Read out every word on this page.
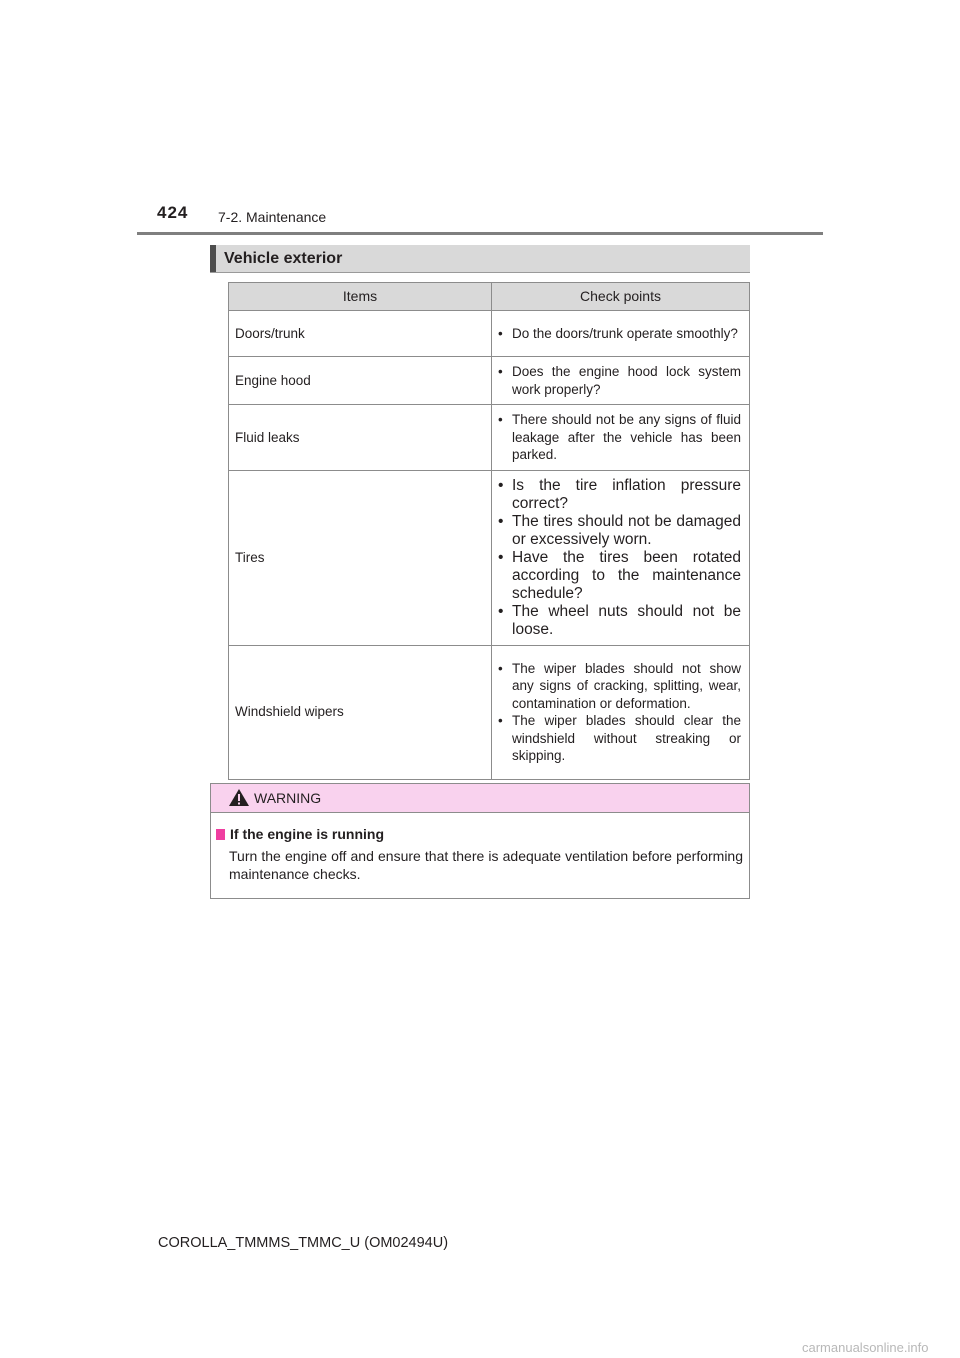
424 7-2. Maintenance
Vehicle exterior
Items	Check points
Doors/trunk	• Do the doors/trunk operate smoothly?

Engine hood	• Does the engine hood lock system work properly?

Fluid leaks	• There should not be any signs of fluid leakage after the vehicle has been parked.

Tires	• Is the tire inflation pressure correct?
• The tires should not be damaged or excessively worn.
• Have the tires been rotated according to the maintenance schedule?
• The wheel nuts should not be loose.

Windshield wipers	• The wiper blades should not show any signs of cracking, splitting, wear, contamination or deformation.
• The wiper blades should clear the windshield without streaking or skipping.
WARNING
If the engine is running
Turn the engine off and ensure that there is adequate ventilation before performing maintenance checks.
COROLLA_TMMMS_TMMC_U (OM02494U)
carmanualsonline.info
